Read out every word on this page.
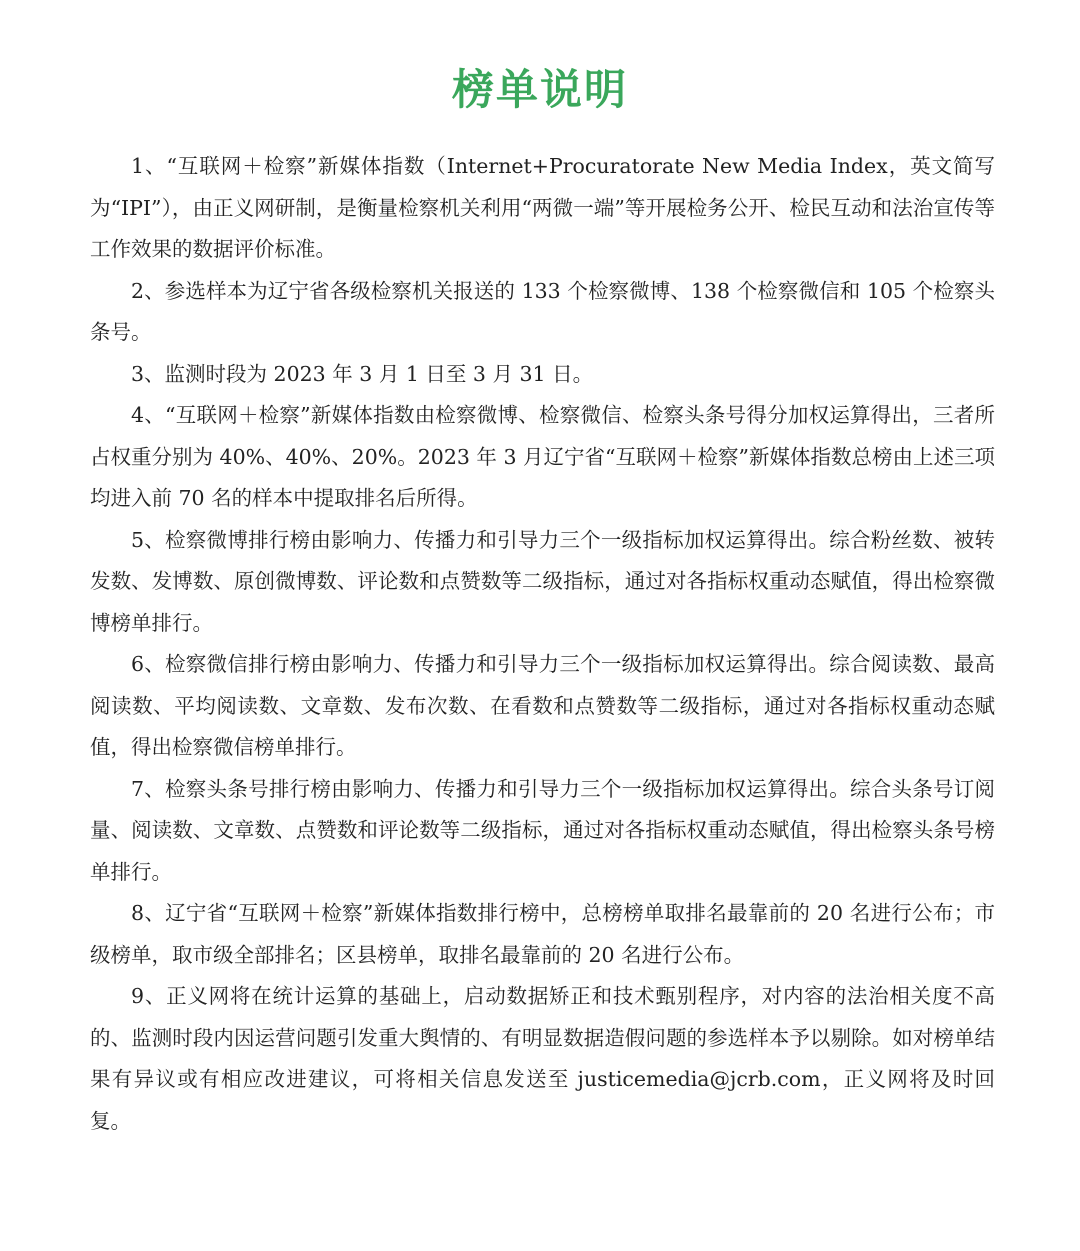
榜单说明

1、“互联网＋检察”新媒体指数（Internet+Procuratorate New Media Index，英文简写为“IPI”），由正义网研制，是衡量检察机关利用“两微一端”等开展检务公开、检民互动和法治宣传等工作效果的数据评价标准。

2、参选样本为辽宁省各级检察机关报送的 133 个检察微博、138 个检察微信和 105 个检察头条号。

3、监测时段为 2023 年 3 月 1 日至 3 月 31 日。

4、“互联网＋检察”新媒体指数由检察微博、检察微信、检察头条号得分加权运算得出，三者所占权重分别为 40%、40%、20%。2023 年 3 月辽宁省“互联网＋检察”新媒体指数总榜由上述三项均进入前 70 名的样本中提取排名后所得。

5、检察微博排行榜由影响力、传播力和引导力三个一级指标加权运算得出。综合粉丝数、被转发数、发博数、原创微博数、评论数和点赞数等二级指标，通过对各指标权重动态赋值，得出检察微博榜单排行。

6、检察微信排行榜由影响力、传播力和引导力三个一级指标加权运算得出。综合阅读数、最高阅读数、平均阅读数、文章数、发布次数、在看数和点赞数等二级指标，通过对各指标权重动态赋值，得出检察微信榜单排行。

7、检察头条号排行榜由影响力、传播力和引导力三个一级指标加权运算得出。综合头条号订阅量、阅读数、文章数、点赞数和评论数等二级指标，通过对各指标权重动态赋值，得出检察头条号榜单排行。

8、辽宁省“互联网＋检察”新媒体指数排行榜中，总榜榜单取排名最靠前的 20 名进行公布；市级榜单，取市级全部排名；区县榜单，取排名最靠前的 20 名进行公布。

9、正义网将在统计运算的基础上，启动数据矫正和技术甄别程序，对内容的法治相关度不高的、监测时段内因运营问题引发重大舆情的、有明显数据造假问题的参选样本予以剔除。如对榜单结果有异议或有相应改进建议，可将相关信息发送至 justicemedia@jcrb.com，正义网将及时回复。
